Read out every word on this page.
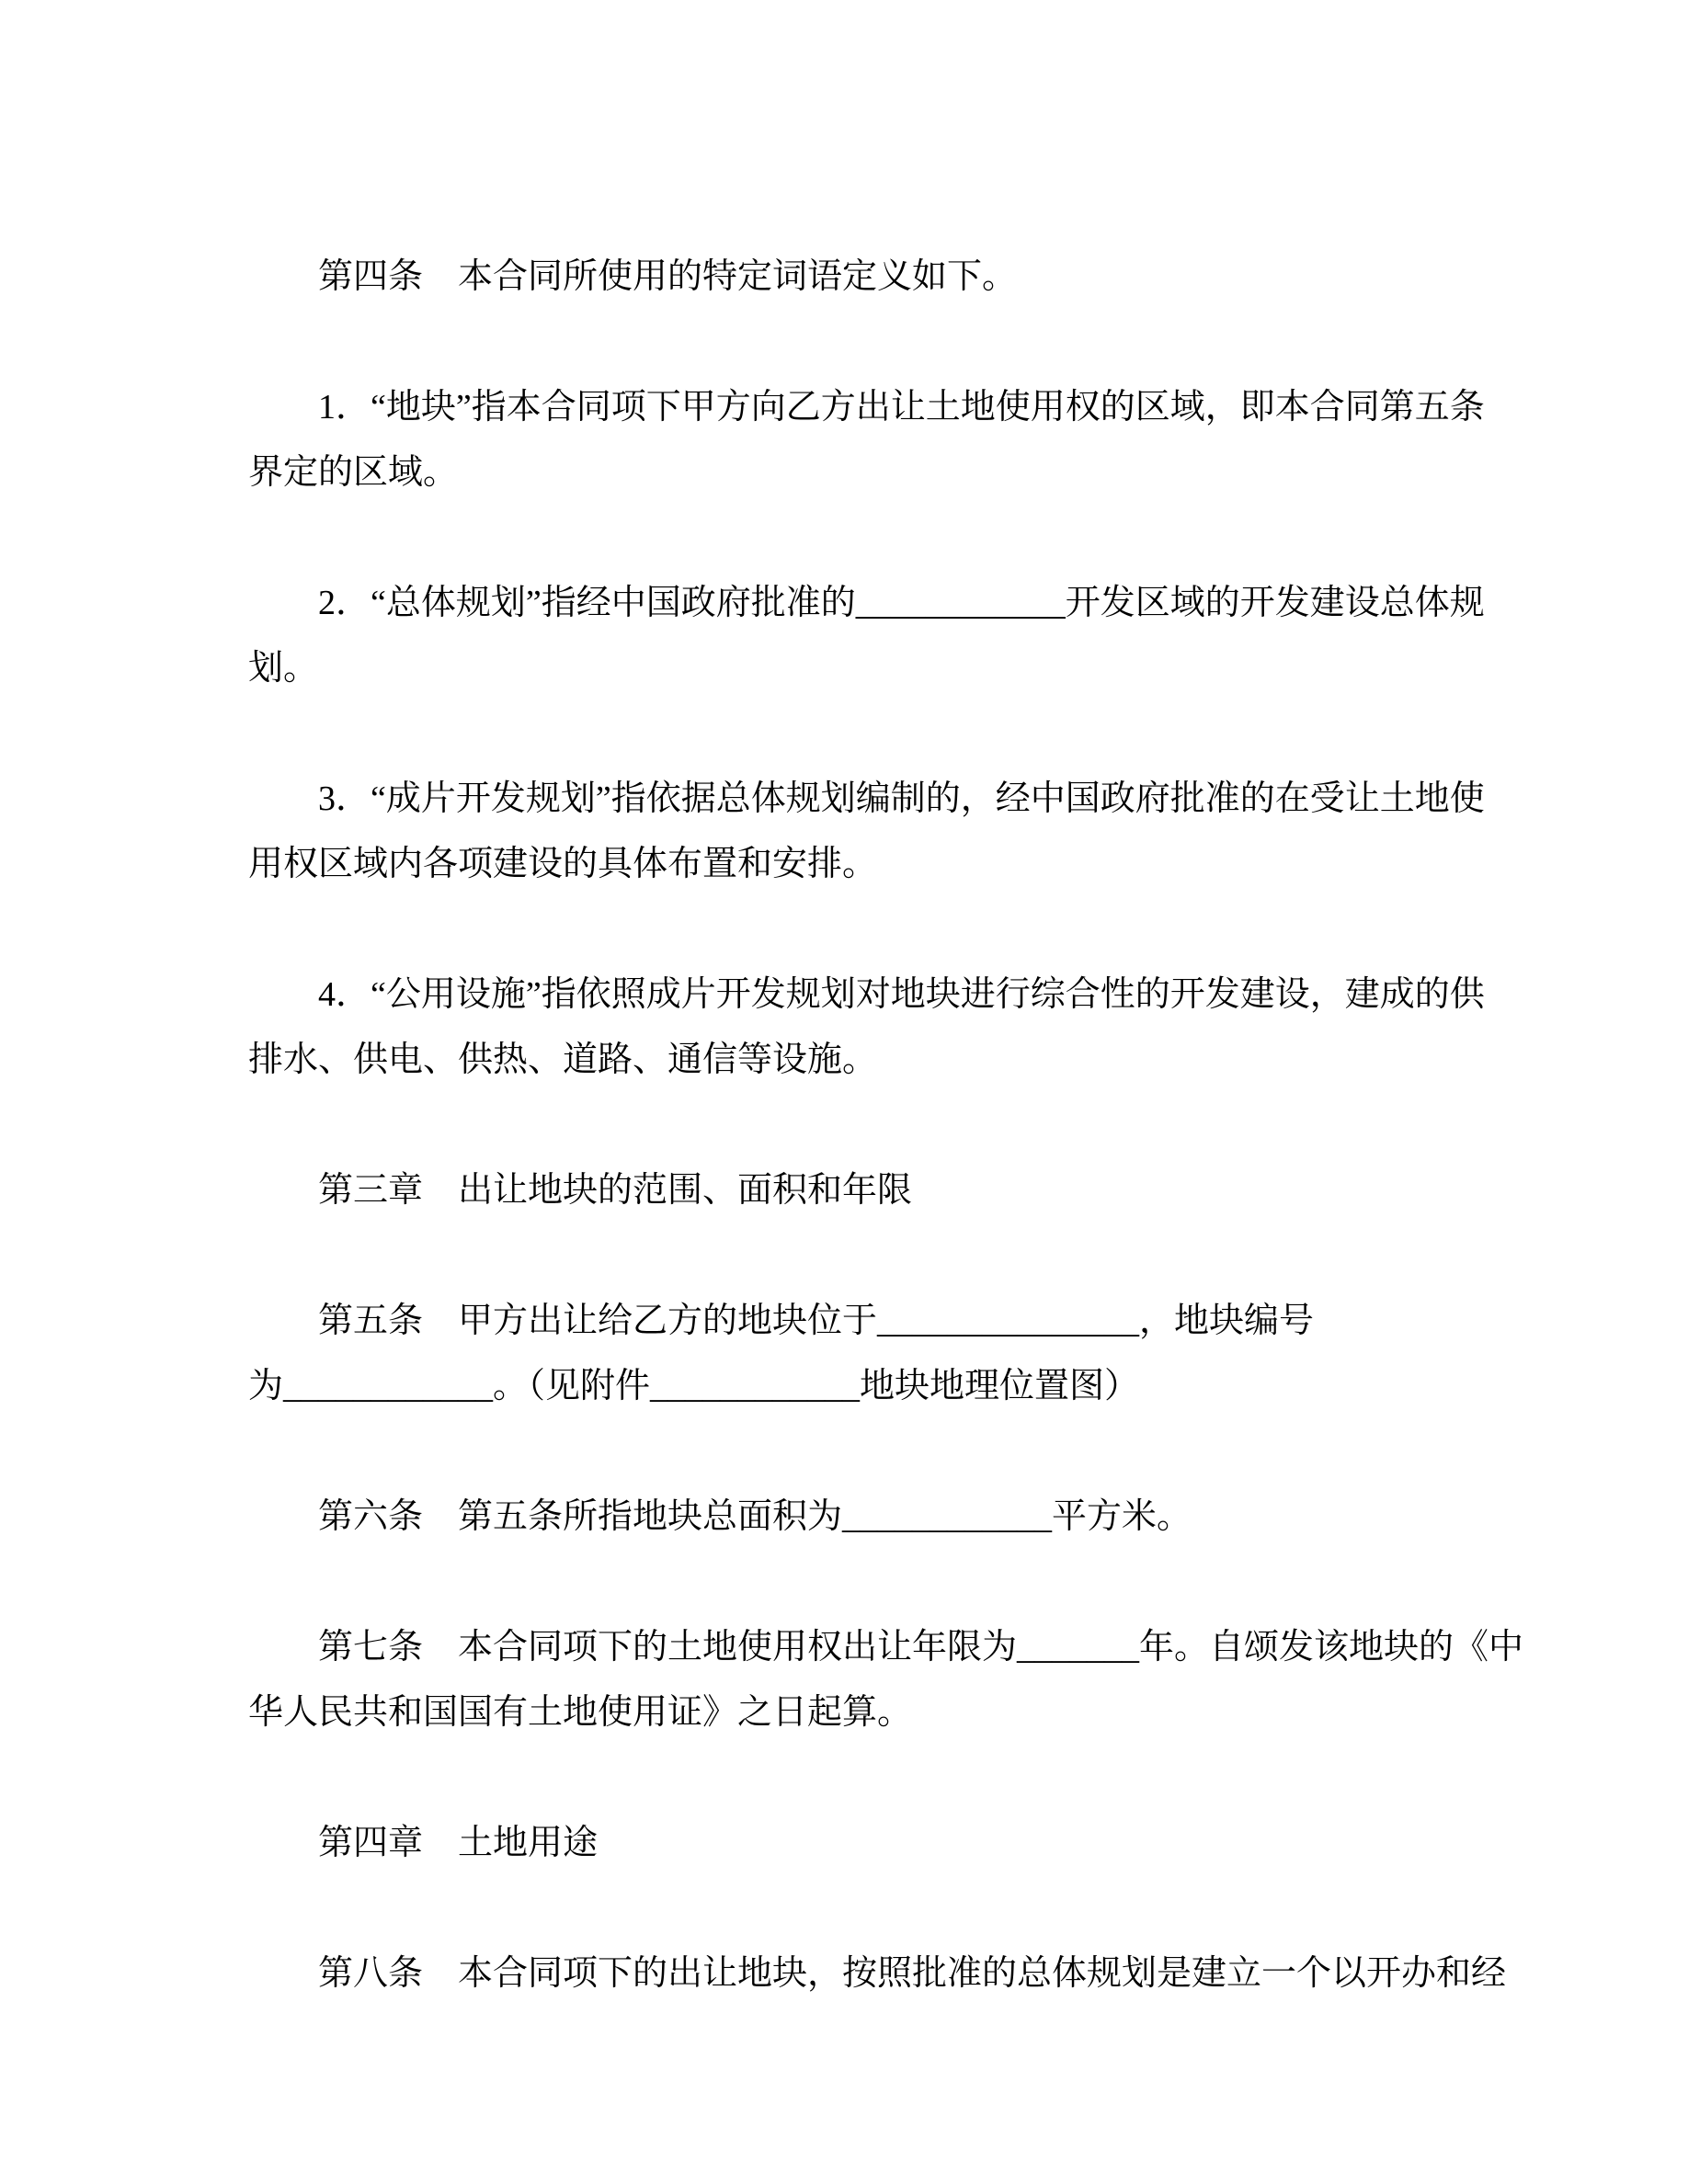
第四条　本合同所使用的特定词语定义如下。

1．“地块”指本合同项下甲方向乙方出让土地使用权的区域，即本合同第五条
界定的区域。

2．“总体规划”指经中国政府批准的____________开发区域的开发建设总体规
划。

3．“成片开发规划”指依据总体规划编制的，经中国政府批准的在受让土地使
用权区域内各项建设的具体布置和安排。

4．“公用设施”指依照成片开发规划对地块进行综合性的开发建设，建成的供
排水、供电、供热、道路、通信等设施。

第三章　出让地块的范围、面积和年限

第五条　甲方出让给乙方的地块位于_______________，地块编号
为____________。（见附件____________地块地理位置图）

第六条　第五条所指地块总面积为____________平方米。

第七条　本合同项下的土地使用权出让年限为_______年。自颂发该地块的《中
华人民共和国国有土地使用证》之日起算。

第四章　土地用途

第八条　本合同项下的出让地块，按照批准的总体规划是建立一个以开办和经
